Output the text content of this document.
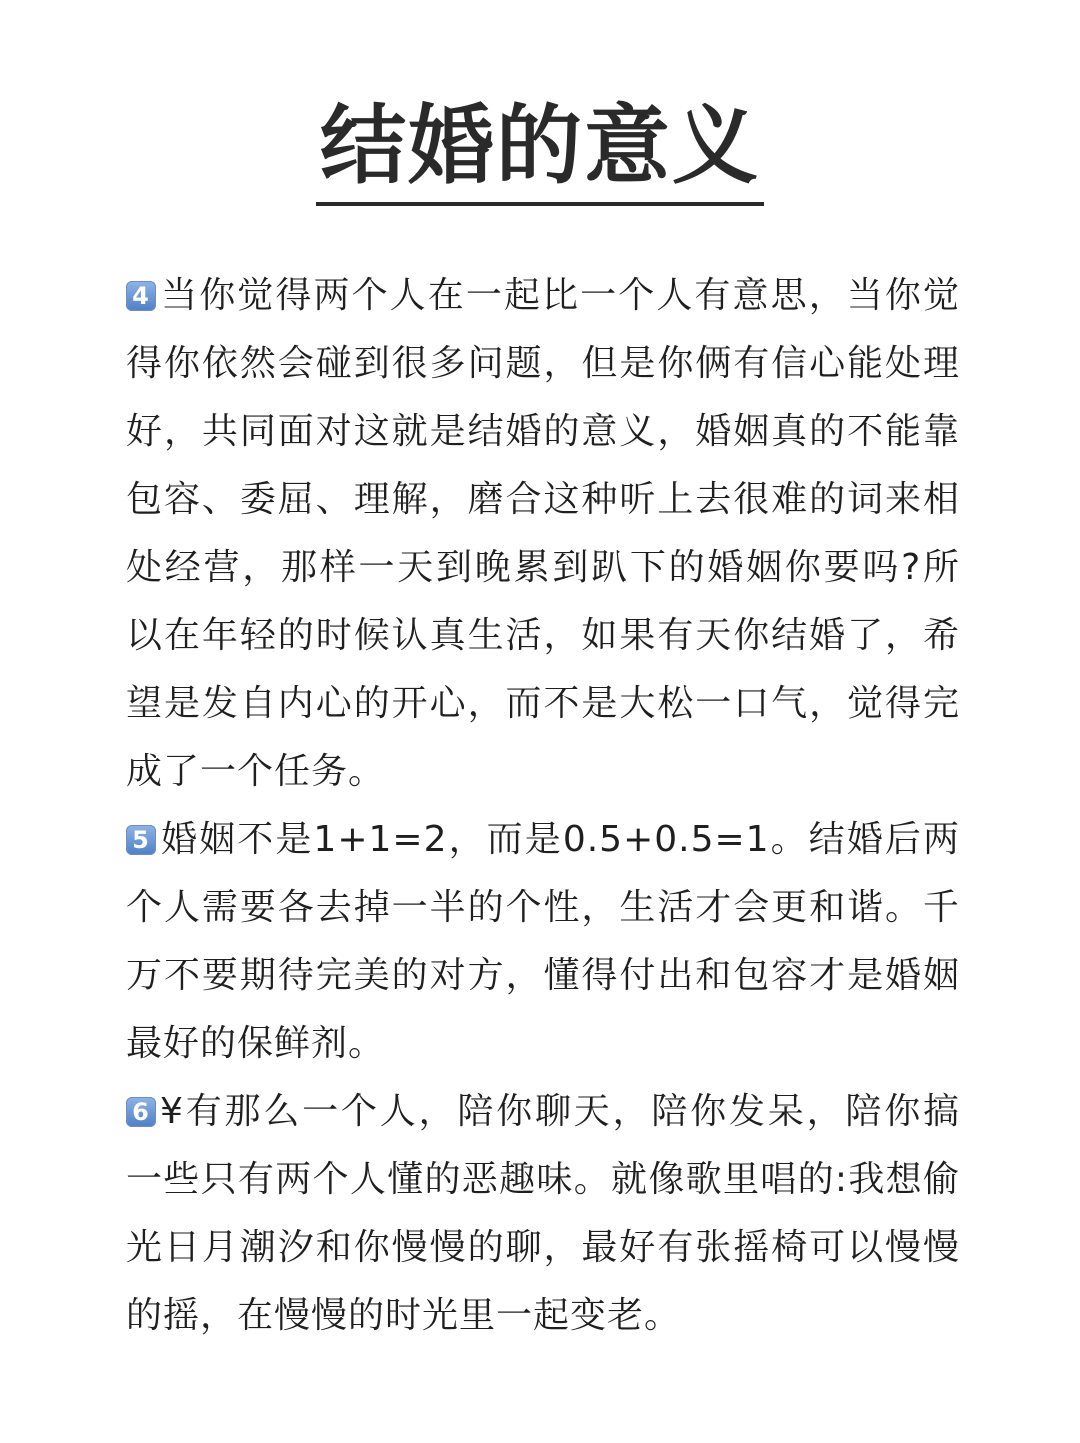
结婚的意义

4 当你觉得两个人在一起比一个人有意思，当你觉得你依然会碰到很多问题，但是你俩有信心能处理好，共同面对这就是结婚的意义，婚姻真的不能靠包容、委屈、理解，磨合这种听上去很难的词来相处经营，那样一天到晚累到趴下的婚姻你要吗?所以在年轻的时候认真生活，如果有天你结婚了，希望是发自内心的开心，而不是大松一口气，觉得完成了一个任务。

5 婚姻不是1+1=2，而是0.5+0.5=1。结婚后两个人需要各去掉一半的个性，生活才会更和谐。千万不要期待完美的对方，懂得付出和包容才是婚姻最好的保鲜剂。

6 ¥有那么一个人，陪你聊天，陪你发呆，陪你搞一些只有两个人懂的恶趣味。就像歌里唱的:我想偷光日月潮汐和你慢慢的聊，最好有张摇椅可以慢慢的摇，在慢慢的时光里一起变老。
